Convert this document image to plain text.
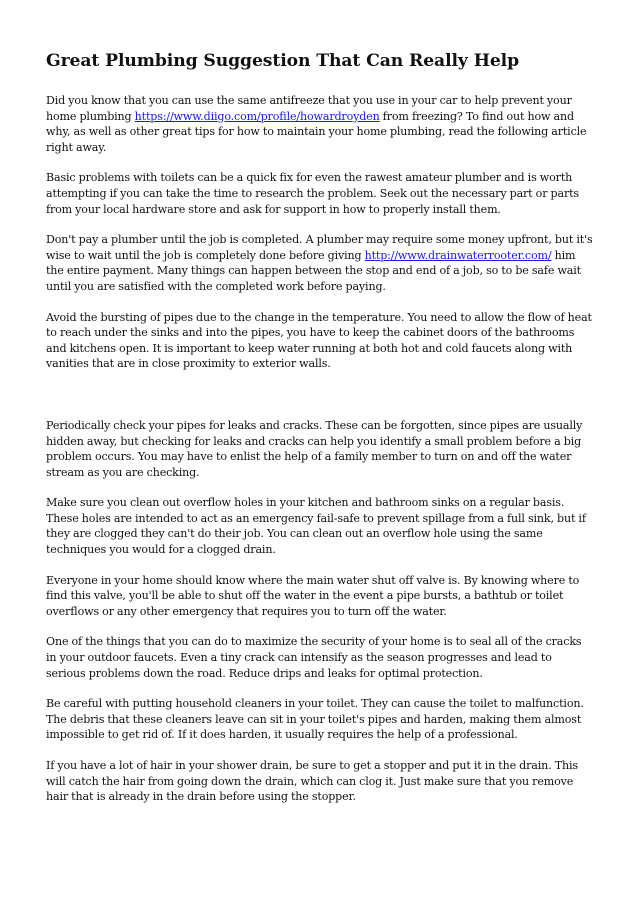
Great Plumbing Suggestion That Can Really Help

Did you know that you can use the same antifreeze that you use in your car to help prevent your home plumbing https://www.diigo.com/profile/howardroyden from freezing? To find out how and why, as well as other great tips for how to maintain your home plumbing, read the following article right away.

Basic problems with toilets can be a quick fix for even the rawest amateur plumber and is worth attempting if you can take the time to research the problem. Seek out the necessary part or parts from your local hardware store and ask for support in how to properly install them.

Don't pay a plumber until the job is completed. A plumber may require some money upfront, but it's wise to wait until the job is completely done before giving http://www.drainwaterrooter.com/ him the entire payment. Many things can happen between the stop and end of a job, so to be safe wait until you are satisfied with the completed work before paying.

Avoid the bursting of pipes due to the change in the temperature. You need to allow the flow of heat to reach under the sinks and into the pipes, you have to keep the cabinet doors of the bathrooms and kitchens open. It is important to keep water running at both hot and cold faucets along with vanities that are in close proximity to exterior walls.

Periodically check your pipes for leaks and cracks. These can be forgotten, since pipes are usually hidden away, but checking for leaks and cracks can help you identify a small problem before a big problem occurs. You may have to enlist the help of a family member to turn on and off the water stream as you are checking.

Make sure you clean out overflow holes in your kitchen and bathroom sinks on a regular basis. These holes are intended to act as an emergency fail-safe to prevent spillage from a full sink, but if they are clogged they can't do their job. You can clean out an overflow hole using the same techniques you would for a clogged drain.

Everyone in your home should know where the main water shut off valve is. By knowing where to find this valve, you'll be able to shut off the water in the event a pipe bursts, a bathtub or toilet overflows or any other emergency that requires you to turn off the water.

One of the things that you can do to maximize the security of your home is to seal all of the cracks in your outdoor faucets. Even a tiny crack can intensify as the season progresses and lead to serious problems down the road. Reduce drips and leaks for optimal protection.

Be careful with putting household cleaners in your toilet. They can cause the toilet to malfunction. The debris that these cleaners leave can sit in your toilet's pipes and harden, making them almost impossible to get rid of. If it does harden, it usually requires the help of a professional.

If you have a lot of hair in your shower drain, be sure to get a stopper and put it in the drain. This will catch the hair from going down the drain, which can clog it. Just make sure that you remove hair that is already in the drain before using the stopper.
